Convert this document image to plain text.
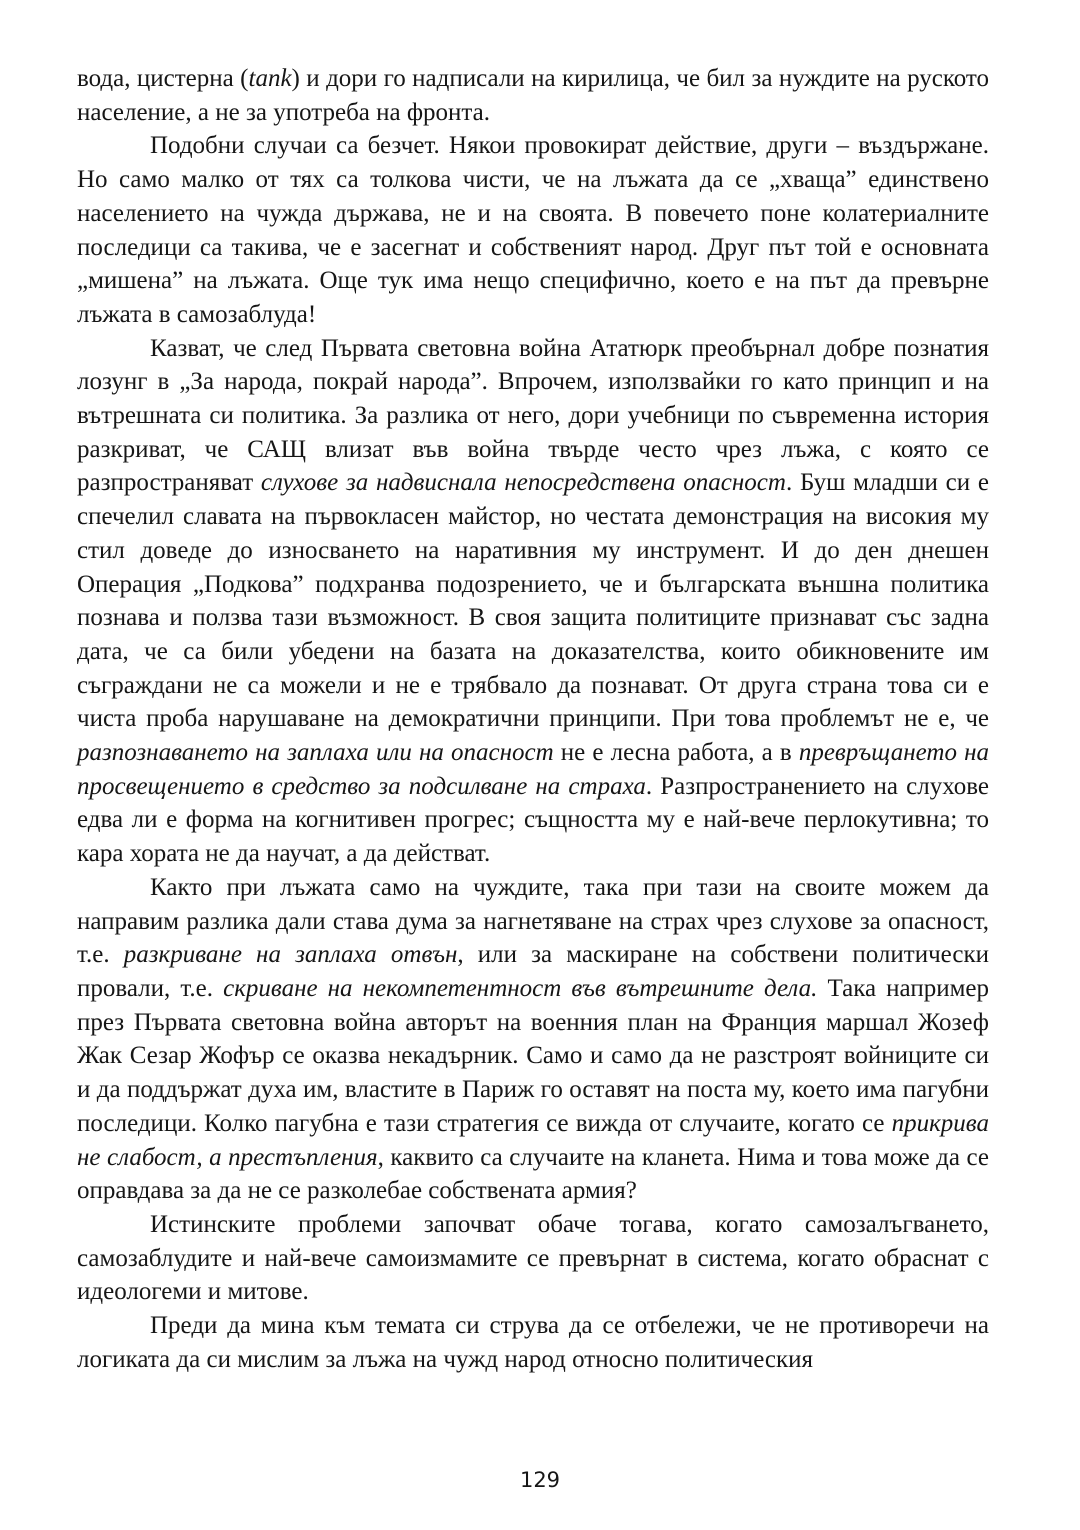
вода, цистерна (tank) и дори го надписали на кирилица, че бил за нуждите на руското население, а не за употреба на фронта.

Подобни случаи са безчет. Някои провокират действие, други – въздържане. Но само малко от тях са толкова чисти, че на лъжата да се „хваща” единствено населението на чужда държава, не и на своята. В повечето поне колатериалните последици са такива, че е засегнат и собственият народ. Друг път той е основната „мишена” на лъжата. Още тук има нещо специфично, което е на път да превърне лъжата в самозаблуда!

Казват, че след Първата световна война Ататюрк преобърнал добре познатия лозунг в „За народа, покрай народа”. Впрочем, използвайки го като принцип и на вътрешната си политика. За разлика от него, дори учебници по съвременна история разкриват, че САЩ влизат във война твърде често чрез лъжа, с която се разпространяват слухове за надвиснала непосредствена опасност. Буш младши си е спечелил славата на първокласен майстор, но честата демонстрация на високия му стил доведе до износването на наративния му инструмент. И до ден днешен Операция „Подкова” подхранва подозрението, че и българската външна политика познава и ползва тази възможност. В своя защита политиците признават със задна дата, че са били убедени на базата на доказателства, които обикновените им съграждани не са можели и не е трябвало да познават. От друга страна това си е чиста проба нарушаване на демократични принципи. При това проблемът не е, че разпознаването на заплаха или на опасност не е лесна работа, а в превръщането на просвещението в средство за подсилване на страха. Разпространението на слухове едва ли е форма на когнитивен прогрес; същността му е най-вече перлокутивна; то кара хората не да научат, а да действат.

Както при лъжата само на чуждите, така при тази на своите можем да направим разлика дали става дума за нагнетяване на страх чрез слухове за опасност, т.е. разкриване на заплаха отвън, или за маскиране на собствени политически провали, т.е. скриване на некомпетентност във вътрешните дела. Така например през Първата световна война авторът на военния план на Франция маршал Жозеф Жак Сезар Жофър се оказва некадърник. Само и само да не разстроят войниците си и да поддържат духа им, властите в Париж го оставят на поста му, което има пагубни последици. Колко пагубна е тази стратегия се вижда от случаите, когато се прикрива не слабост, а престъпления, каквито са случаите на кланета. Нима и това може да се оправдава за да не се разколебае собствената армия?

Истинските проблеми започват обаче тогава, когато самозалъгването, самозаблудите и най-вече самоизмамите се превърнат в система, когато обраснат с идеологеми и митове.

Преди да мина към темата си струва да се отбележи, че не противоречи на логиката да си мислим за лъжа на чужд народ относно политическия

129
